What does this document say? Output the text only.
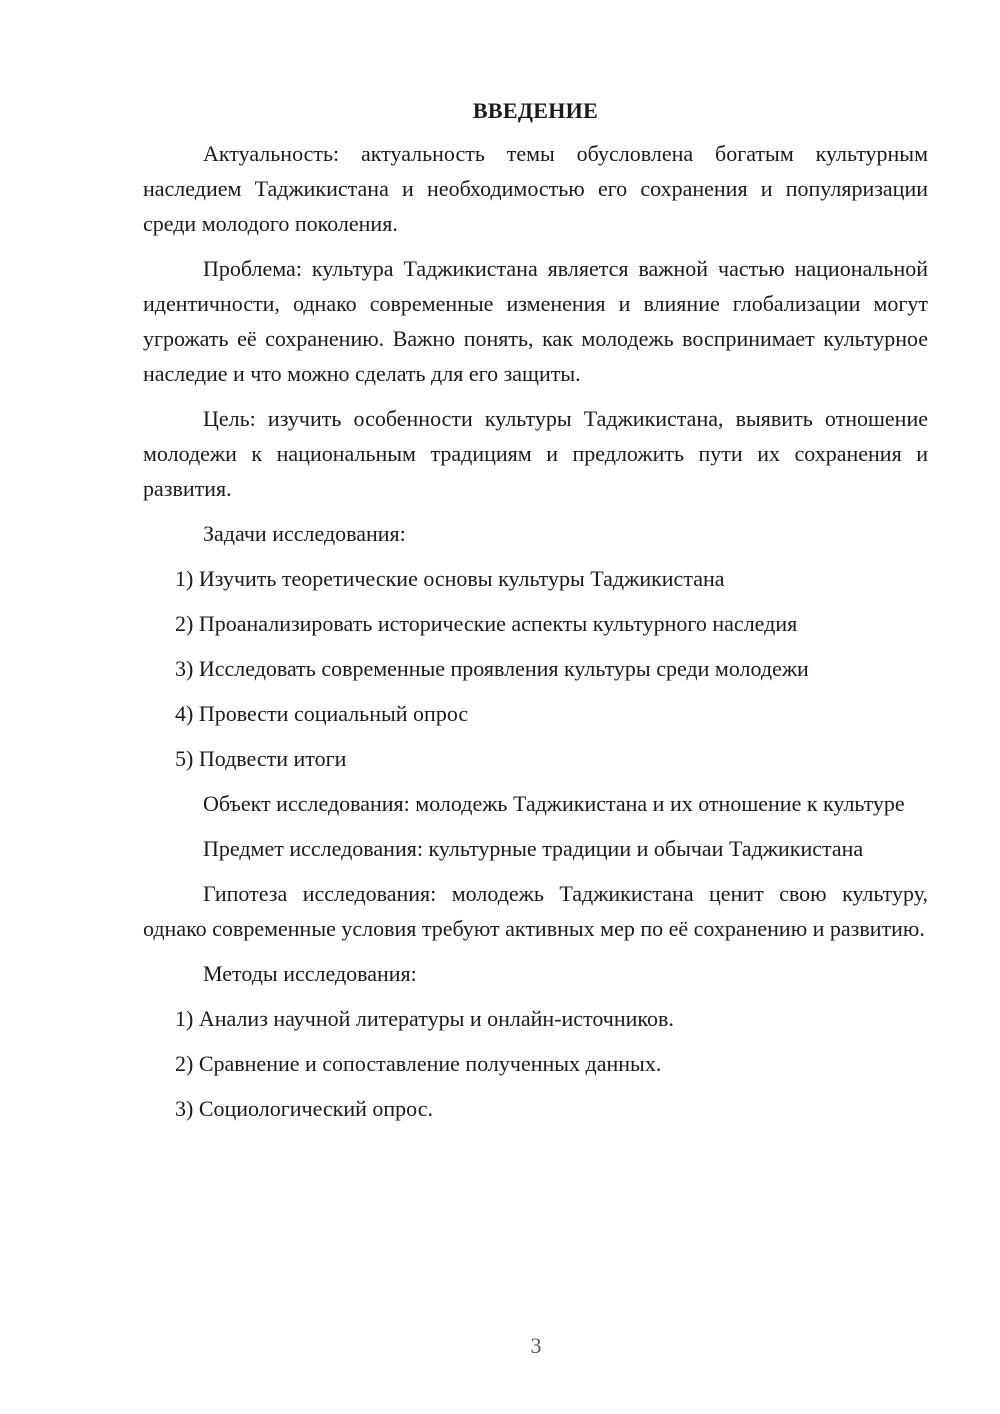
ВВЕДЕНИЕ

Актуальность: актуальность темы обусловлена богатым культурным наследием Таджикистана и необходимостью его сохранения и популяризации среди молодого поколения.

Проблема: культура Таджикистана является важной частью национальной идентичности, однако современные изменения и влияние глобализации могут угрожать её сохранению. Важно понять, как молодежь воспринимает культурное наследие и что можно сделать для его защиты.

Цель: изучить особенности культуры Таджикистана, выявить отношение молодежи к национальным традициям и предложить пути их сохранения и развития.

Задачи исследования:

1) Изучить теоретические основы культуры Таджикистана

2) Проанализировать исторические аспекты культурного наследия

3) Исследовать современные проявления культуры среди молодежи

4) Провести социальный опрос

5) Подвести итоги

Объект исследования: молодежь Таджикистана и их отношение к культуре

Предмет исследования: культурные традиции и обычаи Таджикистана

Гипотеза исследования: молодежь Таджикистана ценит свою культуру, однако современные условия требуют активных мер по её сохранению и развитию.

Методы исследования:

1) Анализ научной литературы и онлайн-источников.

2) Сравнение и сопоставление полученных данных.

3) Социологический опрос.

3
